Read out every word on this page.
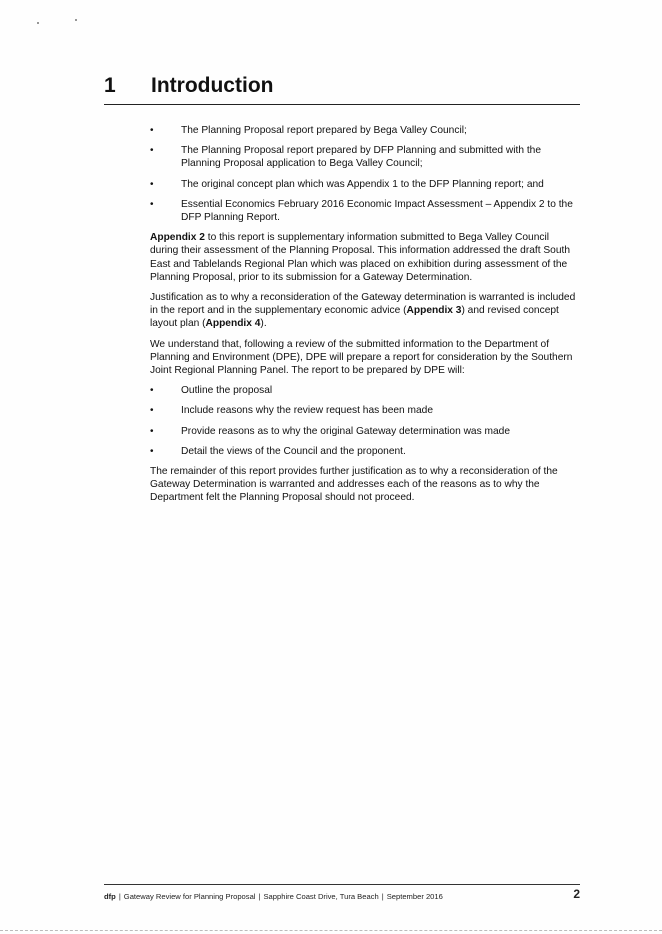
1 Introduction
•	The Planning Proposal report prepared by Bega Valley Council;
•	The Planning Proposal report prepared by DFP Planning and submitted with the Planning Proposal application to Bega Valley Council;
•	The original concept plan which was Appendix 1 to the DFP Planning report; and
•	Essential Economics February 2016 Economic Impact Assessment – Appendix 2 to the DFP Planning Report.

Appendix 2 to this report is supplementary information submitted to Bega Valley Council during their assessment of the Planning Proposal. This information addressed the draft South East and Tablelands Regional Plan which was placed on exhibition during assessment of the Planning Proposal, prior to its submission for a Gateway Determination.

Justification as to why a reconsideration of the Gateway determination is warranted is included in the report and in the supplementary economic advice (Appendix 3) and revised concept layout plan (Appendix 4).

We understand that, following a review of the submitted information to the Department of Planning and Environment (DPE), DPE will prepare a report for consideration by the Southern Joint Regional Planning Panel. The report to be prepared by DPE will:

•	Outline the proposal
•	Include reasons why the review request has been made
•	Provide reasons as to why the original Gateway determination was made
•	Detail the views of the Council and the proponent.

The remainder of this report provides further justification as to why a reconsideration of the Gateway Determination is warranted and addresses each of the reasons as to why the Department felt the Planning Proposal should not proceed.

dfp | Gateway Review for Planning Proposal | Sapphire Coast Drive, Tura Beach | September 2016	2
